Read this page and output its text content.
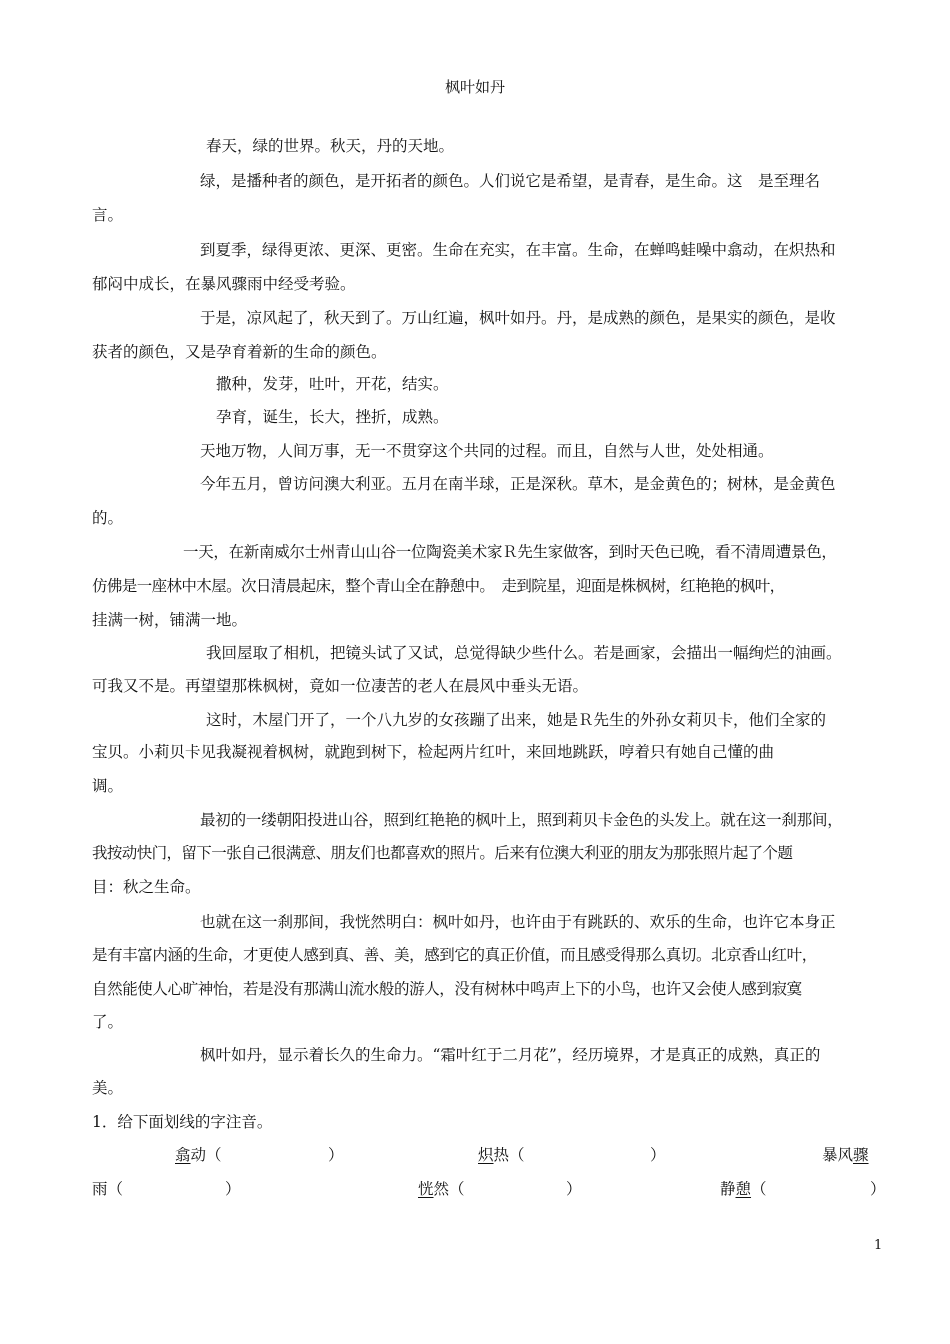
枫叶如丹
春天，绿的世界。秋天，丹的天地。
绿，是播种者的颜色，是开拓者的颜色。人们说它是希望，是青春，是生命。这　是至理名
言。
到夏季，绿得更浓、更深、更密。生命在充实，在丰富。生命，在蝉鸣蛙噪中翕动，在炽热和
郁闷中成长，在暴风骤雨中经受考验。
于是，凉风起了，秋天到了。万山红遍，枫叶如丹。丹，是成熟的颜色，是果实的颜色，是收
获者的颜色，又是孕育着新的生命的颜色。
撒种，发芽，吐叶，开花，结实。
孕育，诞生，长大，挫折，成熟。
天地万物，人间万事，无一不贯穿这个共同的过程。而且，自然与人世，处处相通。
今年五月，曾访问澳大利亚。五月在南半球，正是深秋。草木，是金黄色的；树林，是金黄色
的。
一天，在新南威尔士州青山山谷一位陶瓷美术家Ｒ先生家做客，到时天色已晚，看不清周遭景色，
仿佛是一座林中木屋。次日清晨起床，整个青山全在静憩中。　走到院星，迎面是株枫树，红艳艳的枫叶，
挂满一树，铺满一地。
我回屋取了相机，把镜头试了又试，总觉得缺少些什么。若是画家，会描出一幅绚烂的油画。
可我又不是。再望望那株枫树，竟如一位凄苦的老人在晨风中垂头无语。
这时，木屋门开了，一个八九岁的女孩蹦了出来，她是Ｒ先生的外孙女莉贝卡，他们全家的
宝贝。小莉贝卡见我凝视着枫树，就跑到树下，检起两片红叶，来回地跳跃，哼着只有她自己懂的曲
调。
最初的一缕朝阳投进山谷，照到红艳艳的枫叶上，照到莉贝卡金色的头发上。就在这一刹那间，
我按动快门，留下一张自己很满意、朋友们也都喜欢的照片。后来有位澳大利亚的朋友为那张照片起了个题
目：秋之生命。
也就在这一刹那间，我恍然明白：枫叶如丹，也许由于有跳跃的、欢乐的生命，也许它本身正
是有丰富内涵的生命，才更使人感到真、善、美，感到它的真正价值，而且感受得那么真切。北京香山红叶，
自然能使人心旷神怡，若是没有那满山流水般的游人，没有树林中鸣声上下的小鸟，也许又会使人感到寂寞
了。
枫叶如丹，显示着长久的生命力。“霜叶红于二月花”，经历境界，才是真正的成熟，真正的
美。
1．给下面划线的字注音。
翕动（	）	炽热（	）	暴风骤
雨（	）	恍然（	）	静憩（	）
1
